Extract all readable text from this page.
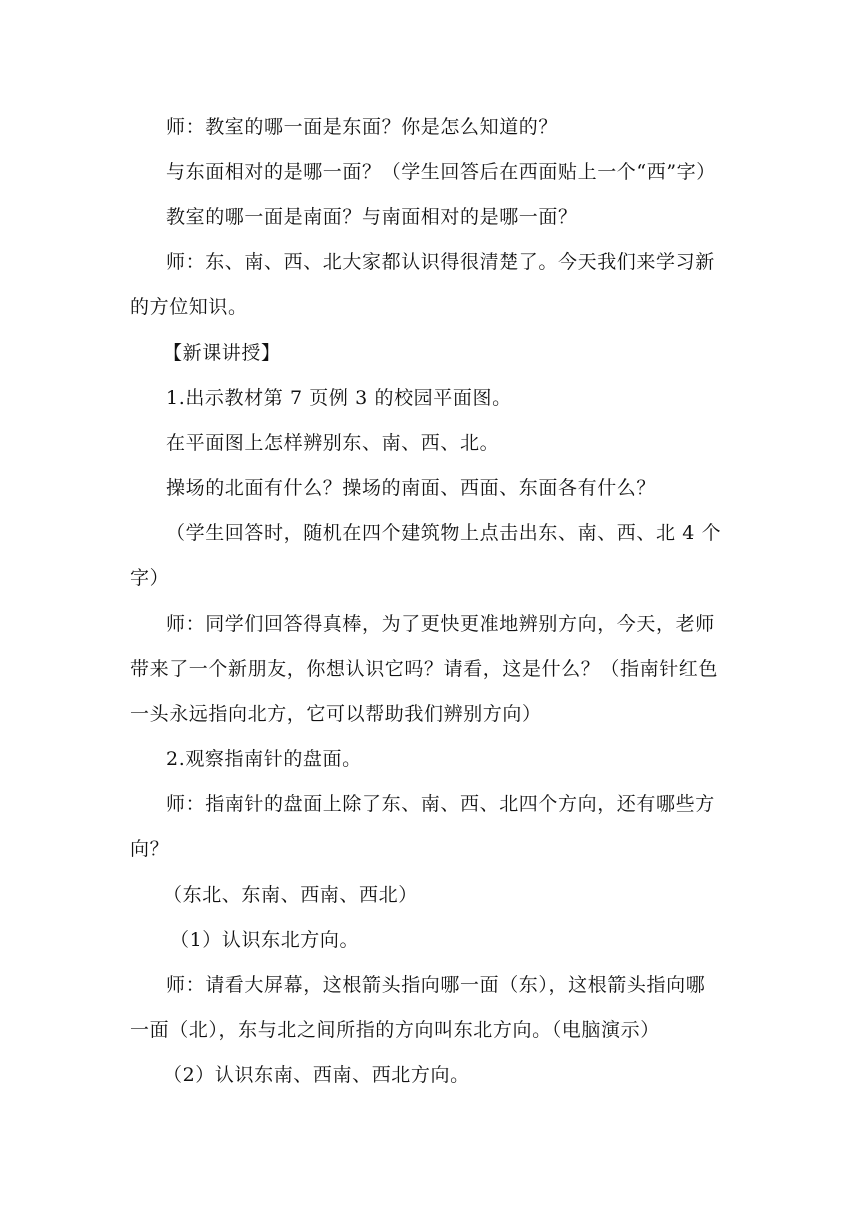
师：教室的哪一面是东面？你是怎么知道的？
与东面相对的是哪一面？（学生回答后在西面贴上一个“西”字）
教室的哪一面是南面？与南面相对的是哪一面？
师：东、南、西、北大家都认识得很清楚了。今天我们来学习新
的方位知识。
【新课讲授】
1.出示教材第 7 页例 3 的校园平面图。
在平面图上怎样辨别东、南、西、北。
操场的北面有什么？操场的南面、西面、东面各有什么？
（学生回答时，随机在四个建筑物上点击出东、南、西、北 4 个
字）
师：同学们回答得真棒，为了更快更准地辨别方向，今天，老师
带来了一个新朋友，你想认识它吗？请看，这是什么？（指南针红色
一头永远指向北方，它可以帮助我们辨别方向）
2.观察指南针的盘面。
师：指南针的盘面上除了东、南、西、北四个方向，还有哪些方
向？
（东北、东南、西南、西北）
（1）认识东北方向。
师：请看大屏幕，这根箭头指向哪一面（东），这根箭头指向哪
一面（北），东与北之间所指的方向叫东北方向。（电脑演示）
（2）认识东南、西南、西北方向。
